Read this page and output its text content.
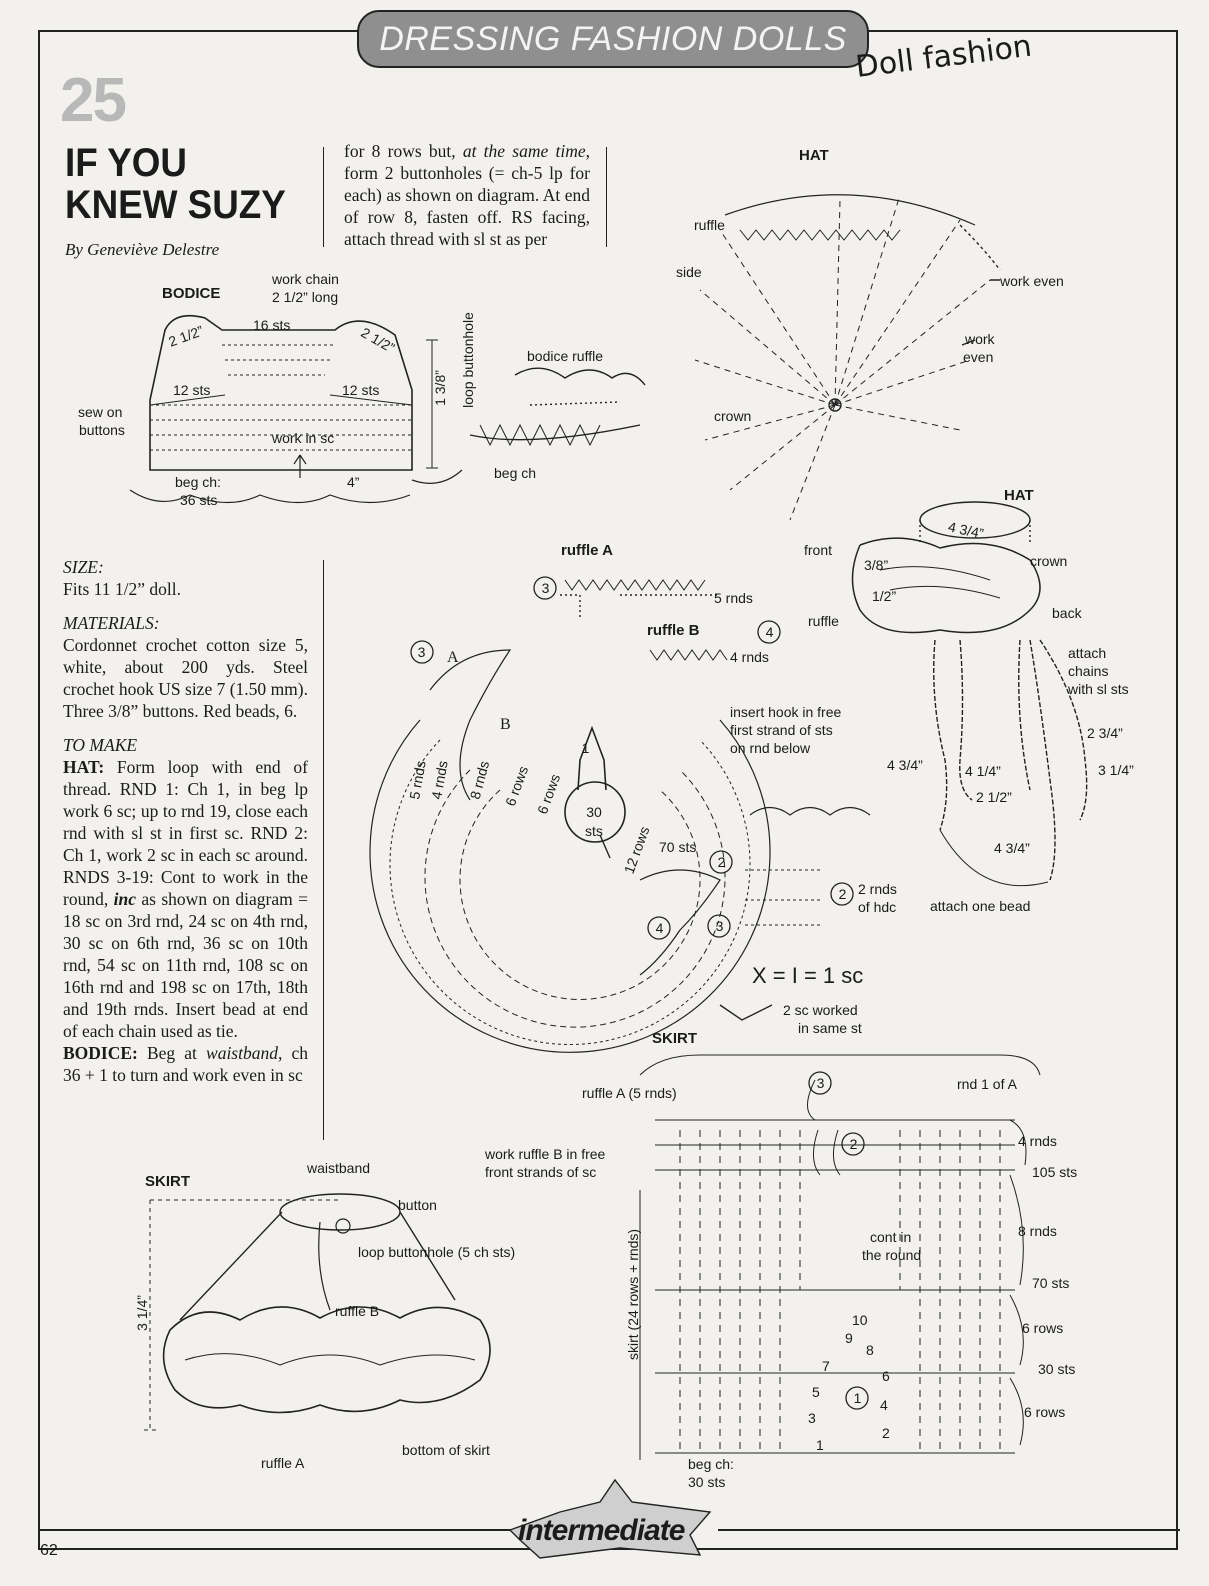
DRESSING FASHION DOLLS Doll fashion
25
IF YOU
KNEW SUZY
By Geneviève Delestre
for 8 rows but, at the same time, form 2 buttonholes (= ch-5 lp for each) as shown on diagram. At end of row 8, fasten off. RS facing, attach thread with sl st as per
SIZE:
Fits 11 1/2” doll.
MATERIALS:
Cordonnet crochet cotton size 5, white, about 200 yds. Steel crochet hook US size 7 (1.50 mm). Three 3/8” buttons. Red beads, 6.
TO MAKE
HAT: Form loop with end of thread. RND 1: Ch 1, in beg lp work 6 sc; up to rnd 19, close each rnd with sl st in first sc. RND 2: Ch 1, work 2 sc in each sc around. RNDS 3-19: Cont to work in the round, inc as shown on diagram = 18 sc on 3rd rnd, 24 sc on 4th rnd, 30 sc on 6th rnd, 36 sc on 10th rnd, 54 sc on 11th rnd, 108 sc on 16th rnd and 198 sc on 17th, 18th and 19th rnds. Insert bead at end of each chain used as tie.
BODICE: Beg at waistband, ch 36 + 1 to turn and work even in sc
BODICE
work chain
2 1/2” long
16 sts
2 1/2”	2 1/2”
12 sts	12 sts
sew on
buttons	work in sc
beg ch:
36 sts
4”
1 3/8” loop buttonhole	bodice ruffle
beg ch
HAT
ruffle
side
crown
work even
work
even
HAT
front
crown
back
ruffle
4 3/4”
3/8”
1/2”
attach
chains
with sl sts
2 3/4”
3 1/4”
4 3/4”	4 1/4”
2 1/2”
4 3/4”
attach one bead
ruffle A
ruffle B
5 rnds
4 rnds
insert hook in free
first strand of sts
on rnd below
A
B
3
3
4
2
2
3
4
1
5 rnds 4 rnds 8 rnds 6 rows 6 rows
12 rows
30
sts
70 sts
2 rnds
of hdc
X = I = 1 sc
2 sc worked
in same st
SKIRT
ruffle A (5 rnds)
rnd 1 of A
work ruffle B in free
front strands of sc
4 rnds
105 sts
8 rnds
cont in
the round
70 sts
6 rows
30 sts
6 rows
skirt (24 rows + rnds)
beg ch:
30 sts
10
9
8
7
6
5
4
3
2
1
3
2
1
SKIRT
waistband
button
loop buttonhole (5 ch sts)
ruffle B
ruffle A
bottom of skirt
3 1/4”
62
intermediate
